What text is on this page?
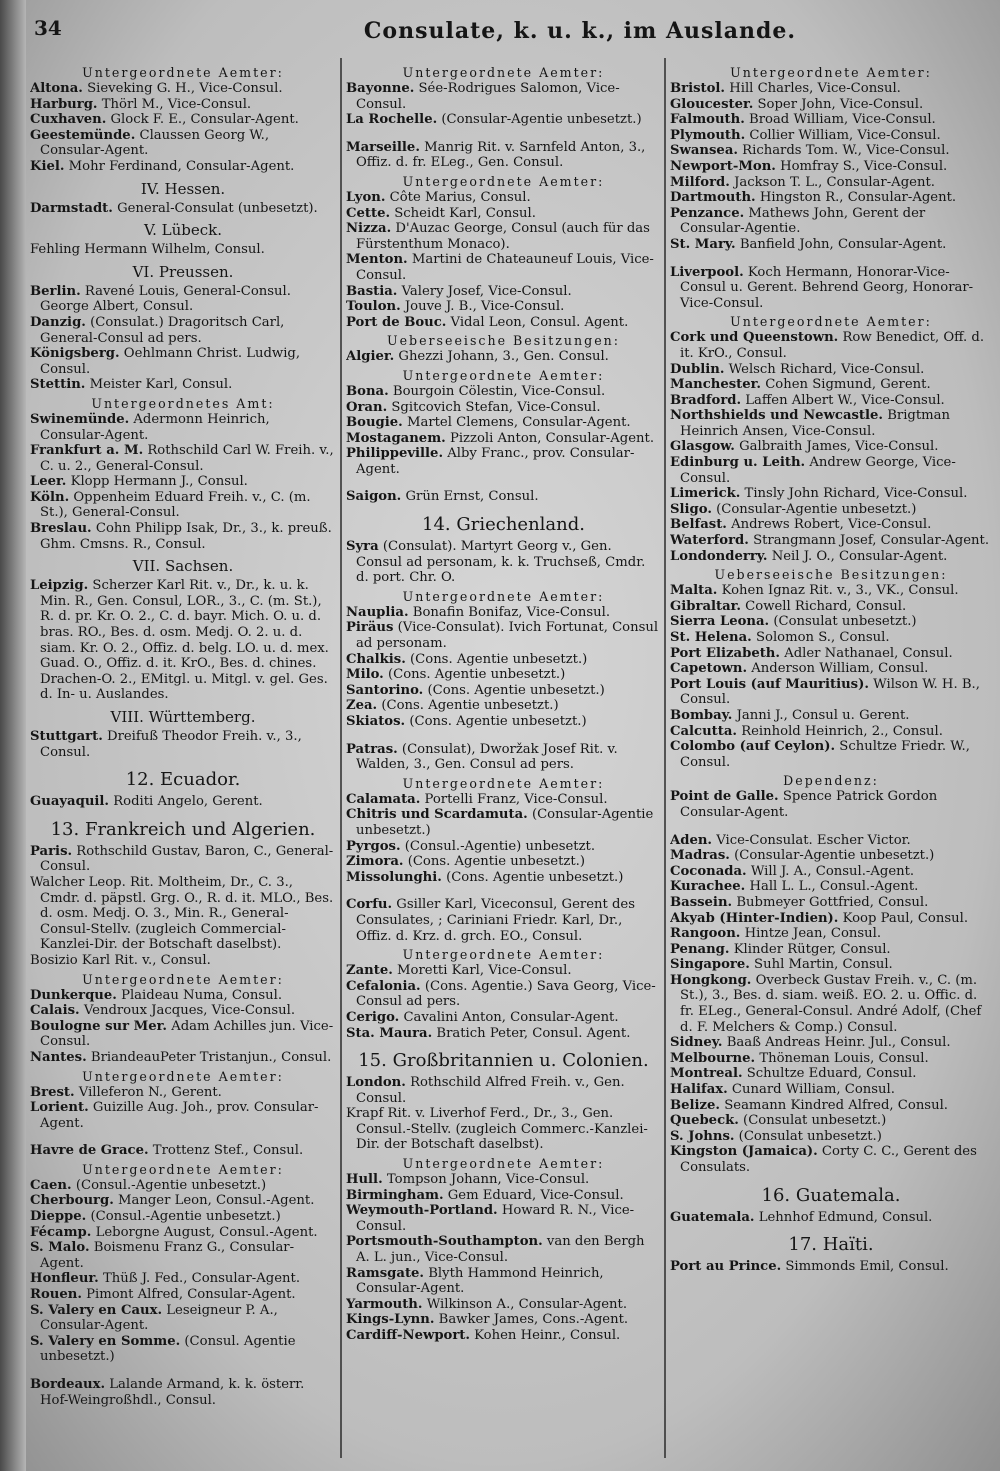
34	Consulate, k. u. k., im Auslande.
Untergeordnete Aemter:

Altona. Sieveking G. H., Vice-Consul.

Harburg. Thörl M., Vice-Consul.

Cuxhaven. Glock F. E., Consular-Agent.

Geestemünde. Claussen Georg W., Consular-Agent.

Kiel. Mohr Ferdinand, Consular-Agent.

IV. Hessen.

Darmstadt. General-Consulat (unbesetzt).

V. Lübeck.

Fehling Hermann Wilhelm, Consul.

VI. Preussen.

Berlin. Ravené Louis, General-Consul. George Albert, Consul.

Danzig. (Consulat.) Dragoritsch Carl, General-Consul ad pers.

Königsberg. Oehlmann Christ. Ludwig, Consul.

Stettin. Meister Karl, Consul.

Untergeordnetes Amt:

Swinemünde. Adermonn Heinrich, Consular-Agent.

Frankfurt a. M. Rothschild Carl W. Freih. v., C. u. 2., General-Consul.

Leer. Klopp Hermann J., Consul.

Köln. Oppenheim Eduard Freih. v., C. (m. St.), General-Consul.

Breslau. Cohn Philipp Isak, Dr., 3., k. preuß. Ghm. Cmsns. R., Consul.

VII. Sachsen.

Leipzig. Scherzer Karl Rit. v., Dr., k. u. k. Min. R., Gen. Consul, LOR., 3., C. (m. St.), R. d. pr. Kr. O. 2., C. d. bayr. Mich. O. u. d. bras. RO., Bes. d. osm. Medj. O. 2. u. d. siam. Kr. O. 2., Offiz. d. belg. LO. u. d. mex. Guad. O., Offiz. d. it. KrO., Bes. d. chines. Drachen-O. 2., EMitgl. u. Mitgl. v. gel. Ges. d. In- u. Auslandes.

VIII. Württemberg.

Stuttgart. Dreifuß Theodor Freih. v., 3., Consul.

12. Ecuador.

Guayaquil. Roditi Angelo, Gerent.

13. Frankreich und Algerien.

Paris. Rothschild Gustav, Baron, C., General-Consul.

Walcher Leop. Rit. Moltheim, Dr., C. 3., Cmdr. d. päpstl. Grg. O., R. d. it. MLO., Bes. d. osm. Medj. O. 3., Min. R., General-Consul-Stellv. (zugleich Commercial-Kanzlei-Dir. der Botschaft daselbst).

Bosizio Karl Rit. v., Consul.

Untergeordnete Aemter:

Dunkerque. Plaideau Numa, Consul.

Calais. Vendroux Jacques, Vice-Consul.

Boulogne sur Mer. Adam Achilles jun. Vice-Consul.

Nantes. BriandeauPeter Tristanjun., Consul.

Untergeordnete Aemter:

Brest. Villeferon N., Gerent.

Lorient. Guizille Aug. Joh., prov. Consular-Agent.

Havre de Grace. Trottenz Stef., Consul.

Untergeordnete Aemter:

Caen. (Consul.-Agentie unbesetzt.)

Cherbourg. Manger Leon, Consul.-Agent.

Dieppe. (Consul.-Agentie unbesetzt.)

Fécamp. Leborgne August, Consul.-Agent.

S. Malo. Boismenu Franz G., Consular-Agent.

Honfleur. Thüß J. Fed., Consular-Agent.

Rouen. Pimont Alfred, Consular-Agent.

S. Valery en Caux. Leseigneur P. A., Consular-Agent.

S. Valery en Somme. (Consul. Agentie unbesetzt.)

Bordeaux. Lalande Armand, k. k. österr. Hof-Weingroßhdl., Consul.

Untergeordnete Aemter:

Bayonne. Sée-Rodrigues Salomon, Vice-Consul.

La Rochelle. (Consular-Agentie unbesetzt.)

Marseille. Manrig Rit. v. Sarnfeld Anton, 3., Offiz. d. fr. ELeg., Gen. Consul.

Untergeordnete Aemter:

Lyon. Côte Marius, Consul.

Cette. Scheidt Karl, Consul.

Nizza. D'Auzac George, Consul (auch für das Fürstenthum Monaco).

Menton. Martini de Chateauneuf Louis, Vice-Consul.

Bastia. Valery Josef, Vice-Consul.

Toulon. Jouve J. B., Vice-Consul.

Port de Bouc. Vidal Leon, Consul. Agent.

Ueberseeische Besitzungen:

Algier. Ghezzi Johann, 3., Gen. Consul.

Untergeordnete Aemter:

Bona. Bourgoin Cölestin, Vice-Consul.

Oran. Sgitcovich Stefan, Vice-Consul.

Bougie. Martel Clemens, Consular-Agent.

Mostaganem. Pizzoli Anton, Consular-Agent.

Philippeville. Alby Franc., prov. Consular-Agent.

Saigon. Grün Ernst, Consul.

14. Griechenland.

Syra (Consulat). Martyrt Georg v., Gen. Consul ad personam, k. k. Truchseß, Cmdr. d. port. Chr. O.

Untergeordnete Aemter:

Nauplia. Bonafin Bonifaz, Vice-Consul.

Piräus (Vice-Consulat). Ivich Fortunat, Consul ad personam.

Chalkis. (Cons. Agentie unbesetzt.)

Milo. (Cons. Agentie unbesetzt.)

Santorino. (Cons. Agentie unbesetzt.)

Zea. (Cons. Agentie unbesetzt.)

Skiatos. (Cons. Agentie unbesetzt.)

Patras. (Consulat), Dworžak Josef Rit. v. Walden, 3., Gen. Consul ad pers.

Untergeordnete Aemter:

Calamata. Portelli Franz, Vice-Consul.

Chitris und Scardamuta. (Consular-Agentie unbesetzt.)

Pyrgos. (Consul.-Agentie) unbesetzt.

Zimora. (Cons. Agentie unbesetzt.)

Missolunghi. (Cons. Agentie unbesetzt.)

Corfu. Gsiller Karl, Viceconsul, Gerent des Consulates, ; Cariniani Friedr. Karl, Dr., Offiz. d. Krz. d. grch. EO., Consul.

Untergeordnete Aemter:

Zante. Moretti Karl, Vice-Consul.

Cefalonia. (Cons. Agentie.) Sava Georg, Vice-Consul ad pers.

Cerigo. Cavalini Anton, Consular-Agent.

Sta. Maura. Bratich Peter, Consul. Agent.

15. Großbritannien u. Colonien.

London. Rothschild Alfred Freih. v., Gen. Consul.

Krapf Rit. v. Liverhof Ferd., Dr., 3., Gen. Consul.-Stellv. (zugleich Commerc.-Kanzlei-Dir. der Botschaft daselbst).

Untergeordnete Aemter:

Hull. Tompson Johann, Vice-Consul.

Birmingham. Gem Eduard, Vice-Consul.

Weymouth-Portland. Howard R. N., Vice-Consul.

Portsmouth-Southampton. van den Bergh A. L. jun., Vice-Consul.

Ramsgate. Blyth Hammond Heinrich, Consular-Agent.

Yarmouth. Wilkinson A., Consular-Agent.

Kings-Lynn. Bawker James, Cons.-Agent.

Cardiff-Newport. Kohen Heinr., Consul.

Untergeordnete Aemter:

Bristol. Hill Charles, Vice-Consul.

Gloucester. Soper John, Vice-Consul.

Falmouth. Broad William, Vice-Consul.

Plymouth. Collier William, Vice-Consul.

Swansea. Richards Tom. W., Vice-Consul.

Newport-Mon. Homfray S., Vice-Consul.

Milford. Jackson T. L., Consular-Agent.

Dartmouth. Hingston R., Consular-Agent.

Penzance. Mathews John, Gerent der Consular-Agentie.

St. Mary. Banfield John, Consular-Agent.

Liverpool. Koch Hermann, Honorar-Vice-Consul u. Gerent. Behrend Georg, Honorar-Vice-Consul.

Untergeordnete Aemter:

Cork und Queenstown. Row Benedict, Off. d. it. KrO., Consul.

Dublin. Welsch Richard, Vice-Consul.

Manchester. Cohen Sigmund, Gerent.

Bradford. Laffen Albert W., Vice-Consul.

Northshields und Newcastle. Brigtman Heinrich Ansen, Vice-Consul.

Glasgow. Galbraith James, Vice-Consul.

Edinburg u. Leith. Andrew George, Vice-Consul.

Limerick. Tinsly John Richard, Vice-Consul.

Sligo. (Consular-Agentie unbesetzt.)

Belfast. Andrews Robert, Vice-Consul.

Waterford. Strangmann Josef, Consular-Agent.

Londonderry. Neil J. O., Consular-Agent.

Ueberseeische Besitzungen:

Malta. Kohen Ignaz Rit. v., 3., VK., Consul.

Gibraltar. Cowell Richard, Consul.

Sierra Leona. (Consulat unbesetzt.)

St. Helena. Solomon S., Consul.

Port Elizabeth. Adler Nathanael, Consul.

Capetown. Anderson William, Consul.

Port Louis (auf Mauritius). Wilson W. H. B., Consul.

Bombay. Janni J., Consul u. Gerent.

Calcutta. Reinhold Heinrich, 2., Consul.

Colombo (auf Ceylon). Schultze Friedr. W., Consul.

Dependenz:

Point de Galle. Spence Patrick Gordon Consular-Agent.

Aden. Vice-Consulat. Escher Victor.

Madras. (Consular-Agentie unbesetzt.)

Coconada. Will J. A., Consul.-Agent.

Kurachee. Hall L. L., Consul.-Agent.

Bassein. Bubmeyer Gottfried, Consul.

Akyab (Hinter-Indien). Koop Paul, Consul.

Rangoon. Hintze Jean, Consul.

Penang. Klinder Rütger, Consul.

Singapore. Suhl Martin, Consul.

Hongkong. Overbeck Gustav Freih. v., C. (m. St.), 3., Bes. d. siam. weiß. EO. 2. u. Offic. d. fr. ELeg., General-Consul. André Adolf, (Chef d. F. Melchers & Comp.) Consul.

Sidney. Baaß Andreas Heinr. Jul., Consul.

Melbourne. Thöneman Louis, Consul.

Montreal. Schultze Eduard, Consul.

Halifax. Cunard William, Consul.

Belize. Seamann Kindred Alfred, Consul.

Quebeck. (Consulat unbesetzt.)

S. Johns. (Consulat unbesetzt.)

Kingston (Jamaica). Corty C. C., Gerent des Consulats.

16. Guatemala.

Guatemala. Lehnhof Edmund, Consul.

17. Haïti.

Port au Prince. Simmonds Emil, Consul.
